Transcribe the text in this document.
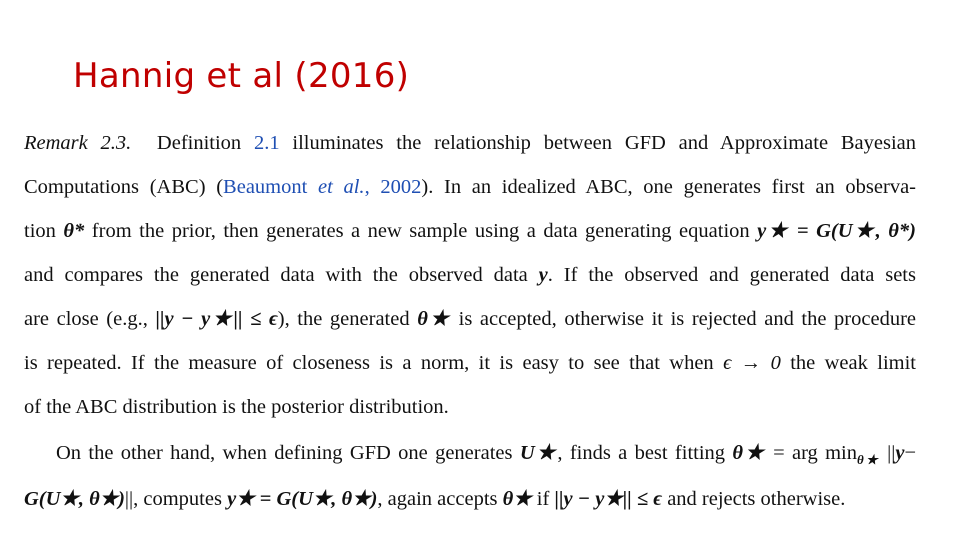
Hannig et al (2016)
Remark 2.3. Definition 2.1 illuminates the relationship between GFD and Approximate Bayesian
Computations (ABC) (Beaumont et al., 2002). In an idealized ABC, one generates first an observa-
tion θ* from the prior, then generates a new sample using a data generating equation y★ = G(U★, θ*)
and compares the generated data with the observed data y. If the observed and generated data sets
are close (e.g., ||y − y★|| ≤ ϵ), the generated θ★ is accepted, otherwise it is rejected and the procedure
is repeated. If the measure of closeness is a norm, it is easy to see that when ϵ → 0 the weak limit
of the ABC distribution is the posterior distribution.
On the other hand, when defining GFD one generates U★, finds a best fitting θ★ = arg $\min_{\theta★} ||y-$
G(U★, θ★)||, computes y★ = G(U★, θ★), again accepts θ★ if ||y − y★|| ≤ ϵ and rejects otherwise.
